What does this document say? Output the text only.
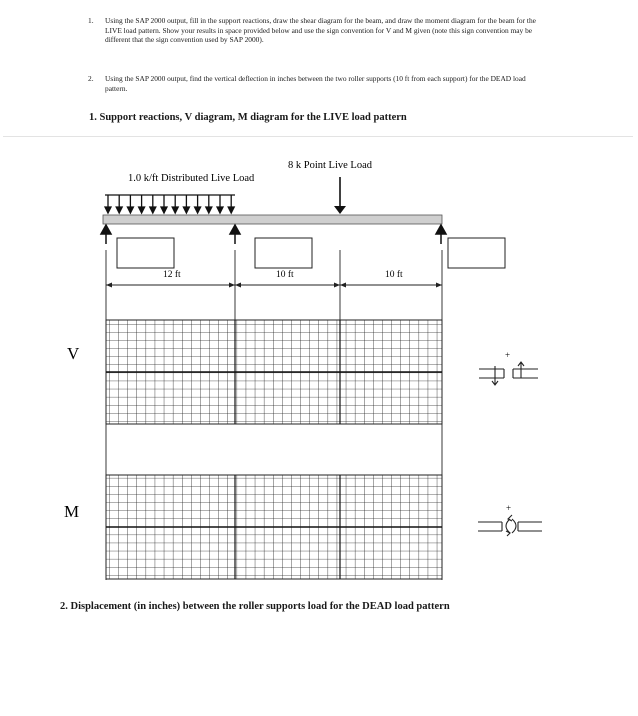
1. Using the SAP 2000 output, fill in the support reactions, draw the shear diagram for the beam, and draw the moment diagram for the beam for the LIVE load pattern. Show your results in space provided below and use the sign convention for V and M given (note this sign convention may be different that the sign convention used by SAP 2000).
2. Using the SAP 2000 output, find the vertical deflection in inches between the two roller supports (10 ft from each support) for the DEAD load pattern.
1. Support reactions, V diagram, M diagram for the LIVE load pattern
1.0 k/ft Distributed Live Load
8 k Point Live Load
12 ft	10 ft	10 ft
V
M
+
+
2. Displacement (in inches) between the roller supports load for the DEAD load pattern
